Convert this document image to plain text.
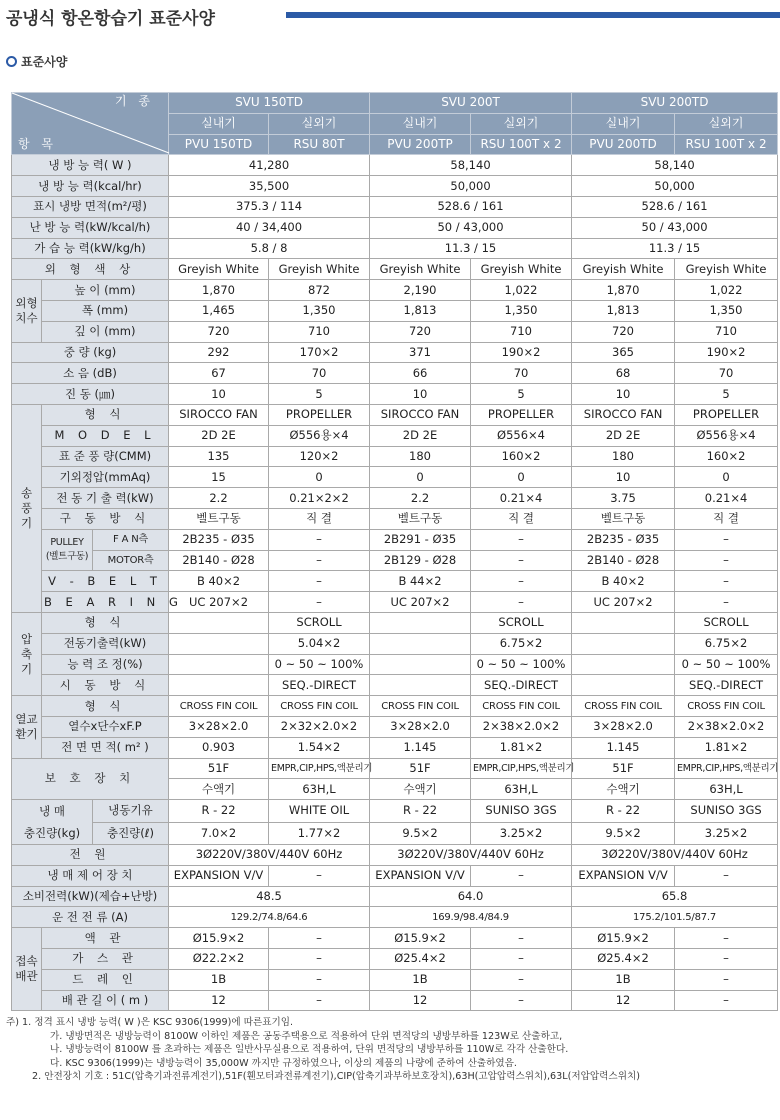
공냉식 항온항습기 표준사양
표준사양
기 종
항 목			SVU 150TD		SVU 200T		SVU 200TD	
			실내기	실외기	실내기	실외기	실내기	실외기
			PVU 150TD	RSU 80T	PVU 200TP	RSU 100T x 2	PVU 200TD	RSU 100T x 2
냉 방 능 력( W )			41,280		58,140		58,140	
냉 방 능 력(kcal/hr)			35,500		50,000		50,000	
표시 냉방 면적(m²/평)			375.3 / 114		528.6 / 161		528.6 / 161	
난 방 능 력(kW/kcal/h)			40 / 34,400		50 / 43,000		50 / 43,000	
가 습 능 력(kW/kg/h)			5.8 / 8		11.3 / 15		11.3 / 15	
외 형 색 상			Greyish White	Greyish White	Greyish White	Greyish White	Greyish White	Greyish White
외형
치수	높 이 (mm)		1,870	872	2,190	1,022	1,870	1,022
	폭 (mm)		1,465	1,350	1,813	1,350	1,813	1,350
	깊 이 (mm)		720	710	720	710	720	710
중 량 (kg)			292	170×2	371	190×2	365	190×2
소 음 (dB)			67	70	66	70	68	70
진 동 (㎛)			10	5	10	5	10	5
송
풍
기	형 식		SIROCCO FAN	PROPELLER	SIROCCO FAN	PROPELLER	SIROCCO FAN	PROPELLER
	M O D E L		2D 2E	Ø556용×4	2D 2E	Ø556×4	2D 2E	Ø556용×4
	표 준 풍 량(CMM)		135	120×2	180	160×2	180	160×2
	기외정압(mmAq)		15	0	0	0	10	0
	전 동 기 출 력(kW)		2.2	0.21×2×2	2.2	0.21×4	3.75	0.21×4
	구 동 방 식		벨트구동	직 결	벨트구동	직 결	벨트구동	직 결
	PULLEY
(벨트구동)	F A N측	2B235 - Ø35	–	2B291 - Ø35	–	2B235 - Ø35	–
		MOTOR측	2B140 - Ø28	–	2B129 - Ø28	–	2B140 - Ø28	–
	V - B E L T		B 40×2	–	B 44×2	–	B 40×2	–
	B E A R I N G		UC 207×2	–	UC 207×2	–	UC 207×2	–
압
축
기	형 식			SCROLL		SCROLL		SCROLL
	전동기출력(kW)			5.04×2		6.75×2		6.75×2
	능 력 조 정(%)			0 ~ 50 ~ 100%		0 ~ 50 ~ 100%		0 ~ 50 ~ 100%
	시 동 방 식			SEQ.-DIRECT		SEQ.-DIRECT		SEQ.-DIRECT
열교
환기	형 식		CROSS FIN COIL	CROSS FIN COIL	CROSS FIN COIL	CROSS FIN COIL	CROSS FIN COIL	CROSS FIN COIL
	열수x단수xF.P		3×28×2.0	2×32×2.0×2	3×28×2.0	2×38×2.0×2	3×28×2.0	2×38×2.0×2
	전 면 면 적( m² )		0.903	1.54×2	1.145	1.81×2	1.145	1.81×2
보 호 장 치			51F	EMPR,CIP,HPS,액분리기	51F	EMPR,CIP,HPS,액분리기	51F	EMPR,CIP,HPS,액분리기
			수액기	63H,L	수액기	63H,L	수액기	63H,L
냉 매
충진량(kg)		냉동기유	R - 22	WHITE OIL	R - 22	SUNISO 3GS	R - 22	SUNISO 3GS
		충진량(ℓ)	7.0×2	1.77×2	9.5×2	3.25×2	9.5×2	3.25×2
전 원			3Ø220V/380V/440V 60Hz		3Ø220V/380V/440V 60Hz		3Ø220V/380V/440V 60Hz	
냉 매 제 어 장 치			EXPANSION V/V	–	EXPANSION V/V	–	EXPANSION V/V	–
소비전력(kW)(제습+난방)			48.5		64.0		65.8	
운 전 전 류 (A)			129.2/74.8/64.6		169.9/98.4/84.9		175.2/101.5/87.7	
접속
배관	액 관		Ø15.9×2	–	Ø15.9×2	–	Ø15.9×2	–
	가 스 관		Ø22.2×2	–	Ø25.4×2	–	Ø25.4×2	–
	드 레 인		1B	–	1B	–	1B	–
	배 관 길 이 ( m )		12	–	12	–	12	–
주) 1. 정격 표시 냉방 능력( W )은 KSC 9306(1999)에 따른표기임.
가. 냉방면적은 냉방능력이 8100W 이하인 제품은 공동주택용으로 적용하여 단위 면적당의 냉방부하를 123W로 산출하고,
나. 냉방능력이 8100W 를 초과하는 제품은 일반사무실용으로 적용하여, 단위 면적당의 냉방부하를 110W로 각각 산출한다.
다. KSC 9306(1999)는 냉방능력이 35,000W 까지만 규정하였으나, 이상의 제품의 나량에 준하여 산출하였음.
2. 안전장치 기호 : 51C(압축기과전류계전기),51F(휀모터과전류계전기),CIP(압축기과부하보호장치),63H(고압압력스위치),63L(저압압력스위치)
